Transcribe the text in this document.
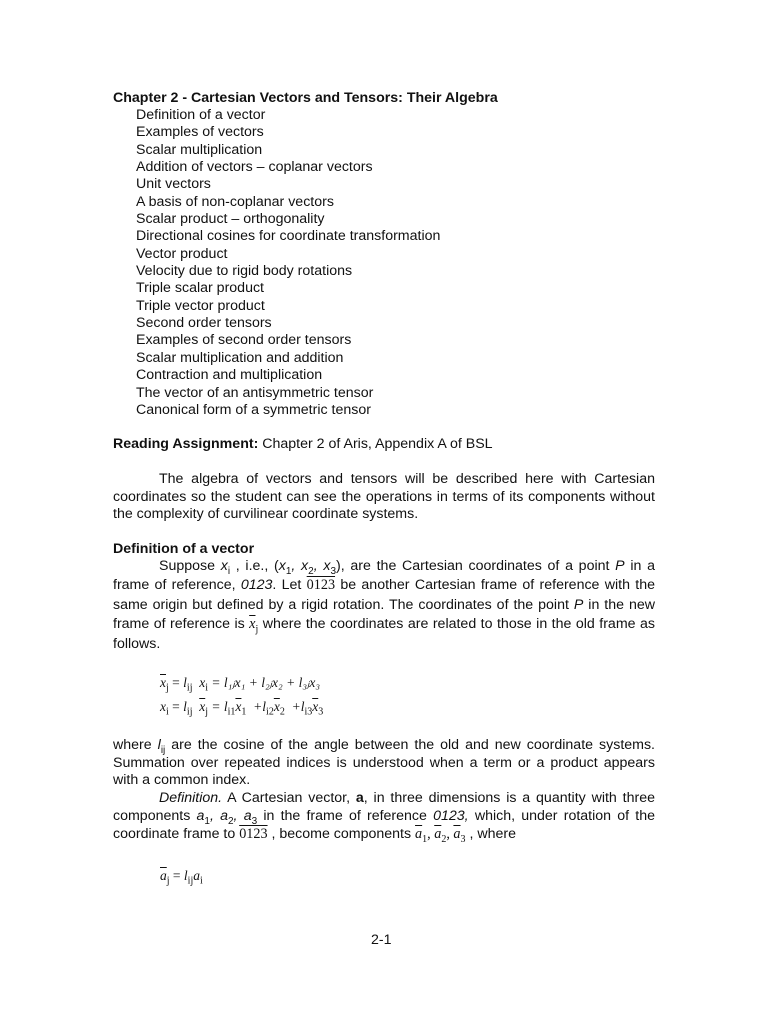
Chapter 2 - Cartesian Vectors and Tensors: Their Algebra
Definition of a vector
Examples of vectors
Scalar multiplication
Addition of vectors – coplanar vectors
Unit vectors
A basis of non-coplanar vectors
Scalar product – orthogonality
Directional cosines for coordinate transformation
Vector product
Velocity due to rigid body rotations
Triple scalar product
Triple vector product
Second order tensors
Examples of second order tensors
Scalar multiplication and addition
Contraction and multiplication
The vector of an antisymmetric tensor
Canonical form of a symmetric tensor
Reading Assignment: Chapter 2 of Aris, Appendix A of BSL
The algebra of vectors and tensors will be described here with Cartesian coordinates so the student can see the operations in terms of its components without the complexity of curvilinear coordinate systems.
Definition of a vector
Suppose $x_i$ , i.e., ($x_1$, $x_2$, $x_3$), are the Cartesian coordinates of a point P in a frame of reference, 0123. Let 0123 be another Cartesian frame of reference with the same origin but defined by a rigid rotation. The coordinates of the point P in the new frame of reference is $\overline{x}_j$ where the coordinates are related to those in the old frame as follows.
$\overline{x}_j = l_{ij}$ $x_i$ = l₁ⱼx₁ + l₂ⱼx₂ + l₃ⱼx₃
$x_i = l_{ij}$ $\overline{x}_j = l_{i1}\overline{x}_1 +l_{i2}\overline{x}_2 +l_{i3}\overline{x}_3$
where $l_{ij}$ are the cosine of the angle between the old and new coordinate systems. Summation over repeated indices is understood when a term or a product appears with a common index.
Definition. A Cartesian vector, a, in three dimensions is a quantity with three components $a_1$, $a_2$, $a_3$ in the frame of reference 0123, which, under rotation of the coordinate frame to 0123 , become components $\overline{a}_1$, $\overline{a}_2$, $\overline{a}_3$ , where
$\overline{a}_j = l_{ij}a_i$
2-1
